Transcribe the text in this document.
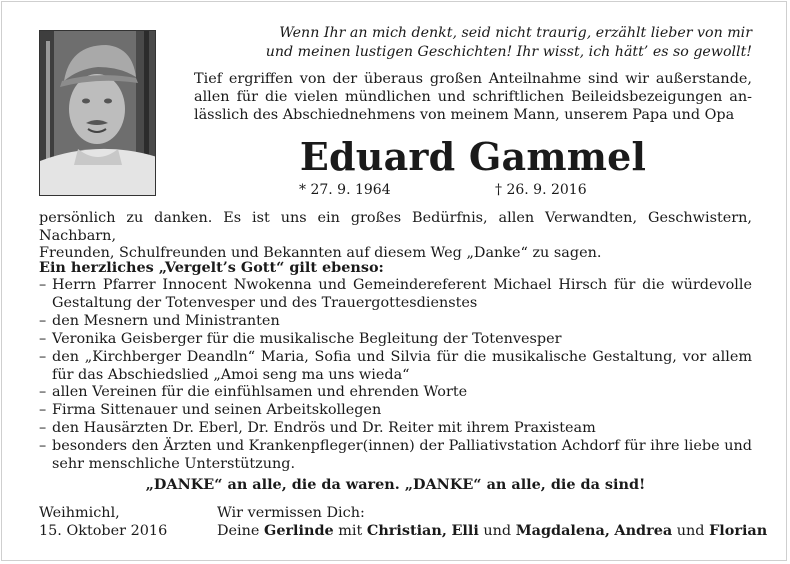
Wenn Ihr an mich denkt, seid nicht traurig, erzählt lieber von mir
und meinen lustigen Geschichten! Ihr wisst, ich hätt’ es so gewollt!
Tief ergriffen von der überaus großen Anteilnahme sind wir außerstande,
allen für die vielen mündlichen und schriftlichen Beileidsbezeigungen an-
lässlich des Abschiednehmens von meinem Mann, unserem Papa und Opa
Eduard Gammel
* 27. 9. 1964	† 26. 9. 2016
persönlich zu danken. Es ist uns ein großes Bedürfnis, allen Verwandten, Geschwistern, Nachbarn,
Freunden, Schulfreunden und Bekannten auf diesem Weg „Danke“ zu sagen.
Ein herzliches „Vergelt’s Gott“ gilt ebenso:
– Herrn Pfarrer Innocent Nwokenna und Gemeindereferent Michael Hirsch für die würdevolle Gestaltung der Totenvesper und des Trauergottesdienstes
– den Mesnern und Ministranten
– Veronika Geisberger für die musikalische Begleitung der Totenvesper
– den „Kirchberger Deandln“ Maria, Sofia und Silvia für die musikalische Gestaltung, vor allem für das Abschiedslied „Amoi seng ma uns wieda“
– allen Vereinen für die einfühlsamen und ehrenden Worte
– Firma Sittenauer und seinen Arbeitskollegen
– den Hausärzten Dr. Eberl, Dr. Endrös und Dr. Reiter mit ihrem Praxisteam
– besonders den Ärzten und Krankenpfleger(innen) der Palliativstation Achdorf für ihre liebe und sehr menschliche Unterstützung.
„DANKE“ an alle, die da waren. „DANKE“ an alle, die da sind!
Weihmichl,
15. Oktober 2016
Wir vermissen Dich:
Deine Gerlinde mit Christian, Elli und Magdalena, Andrea und Florian
